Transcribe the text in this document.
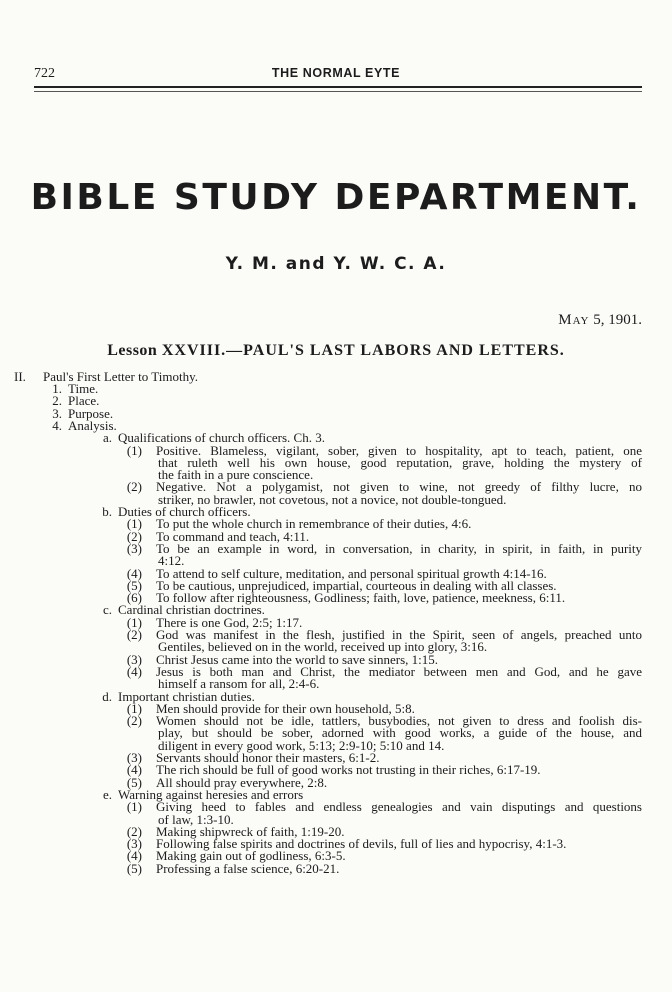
722	THE NORMAL EYTE
BIBLE STUDY DEPARTMENT.
Y. M. and Y. W. C. A.
May 5, 1901.
Lesson XXVIII.—PAUL'S LAST LABORS AND LETTERS.
II.	Paul's First Letter to Timothy.
1. Time.
2. Place.
3. Purpose.
4. Analysis.
a. Qualifications of church officers. Ch. 3.
(1) Positive. Blameless, vigilant, sober, given to hospitality, apt to teach, patient, one
that ruleth well his own house, good reputation, grave, holding the mystery of
the faith in a pure conscience.
(2) Negative. Not a polygamist, not given to wine, not greedy of filthy lucre, no
striker, no brawler, not covetous, not a novice, not double-tongued.
b. Duties of church officers.
(1) To put the whole church in remembrance of their duties, 4:6.
(2) To command and teach, 4:11.
(3) To be an example in word, in conversation, in charity, in spirit, in faith, in purity
4:12.
(4) To attend to self culture, meditation, and personal spiritual growth 4:14-16.
(5) To be cautious, unprejudiced, impartial, courteous in dealing with all classes.
(6) To follow after righteousness, Godliness; faith, love, patience, meekness, 6:11.
c. Cardinal christian doctrines.
(1) There is one God, 2:5; 1:17.
(2) God was manifest in the flesh, justified in the Spirit, seen of angels, preached unto
Gentiles, believed on in the world, received up into glory, 3:16.
(3) Christ Jesus came into the world to save sinners, 1:15.
(4) Jesus is both man and Christ, the mediator between men and God, and he gave
himself a ransom for all, 2:4-6.
d. Important christian duties.
(1) Men should provide for their own household, 5:8.
(2) Women should not be idle, tattlers, busybodies, not given to dress and foolish dis-
play, but should be sober, adorned with good works, a guide of the house, and
diligent in every good work, 5:13; 2:9-10; 5:10 and 14.
(3) Servants should honor their masters, 6:1-2.
(4) The rich should be full of good works not trusting in their riches, 6:17-19.
(5) All should pray everywhere, 2:8.
e. Warning against heresies and errors
(1) Giving heed to fables and endless genealogies and vain disputings and questions
of law, 1:3-10.
(2) Making shipwreck of faith, 1:19-20.
(3) Following false spirits and doctrines of devils, full of lies and hypocrisy, 4:1-3.
(4) Making gain out of godliness, 6:3-5.
(5) Professing a false science, 6:20-21.
